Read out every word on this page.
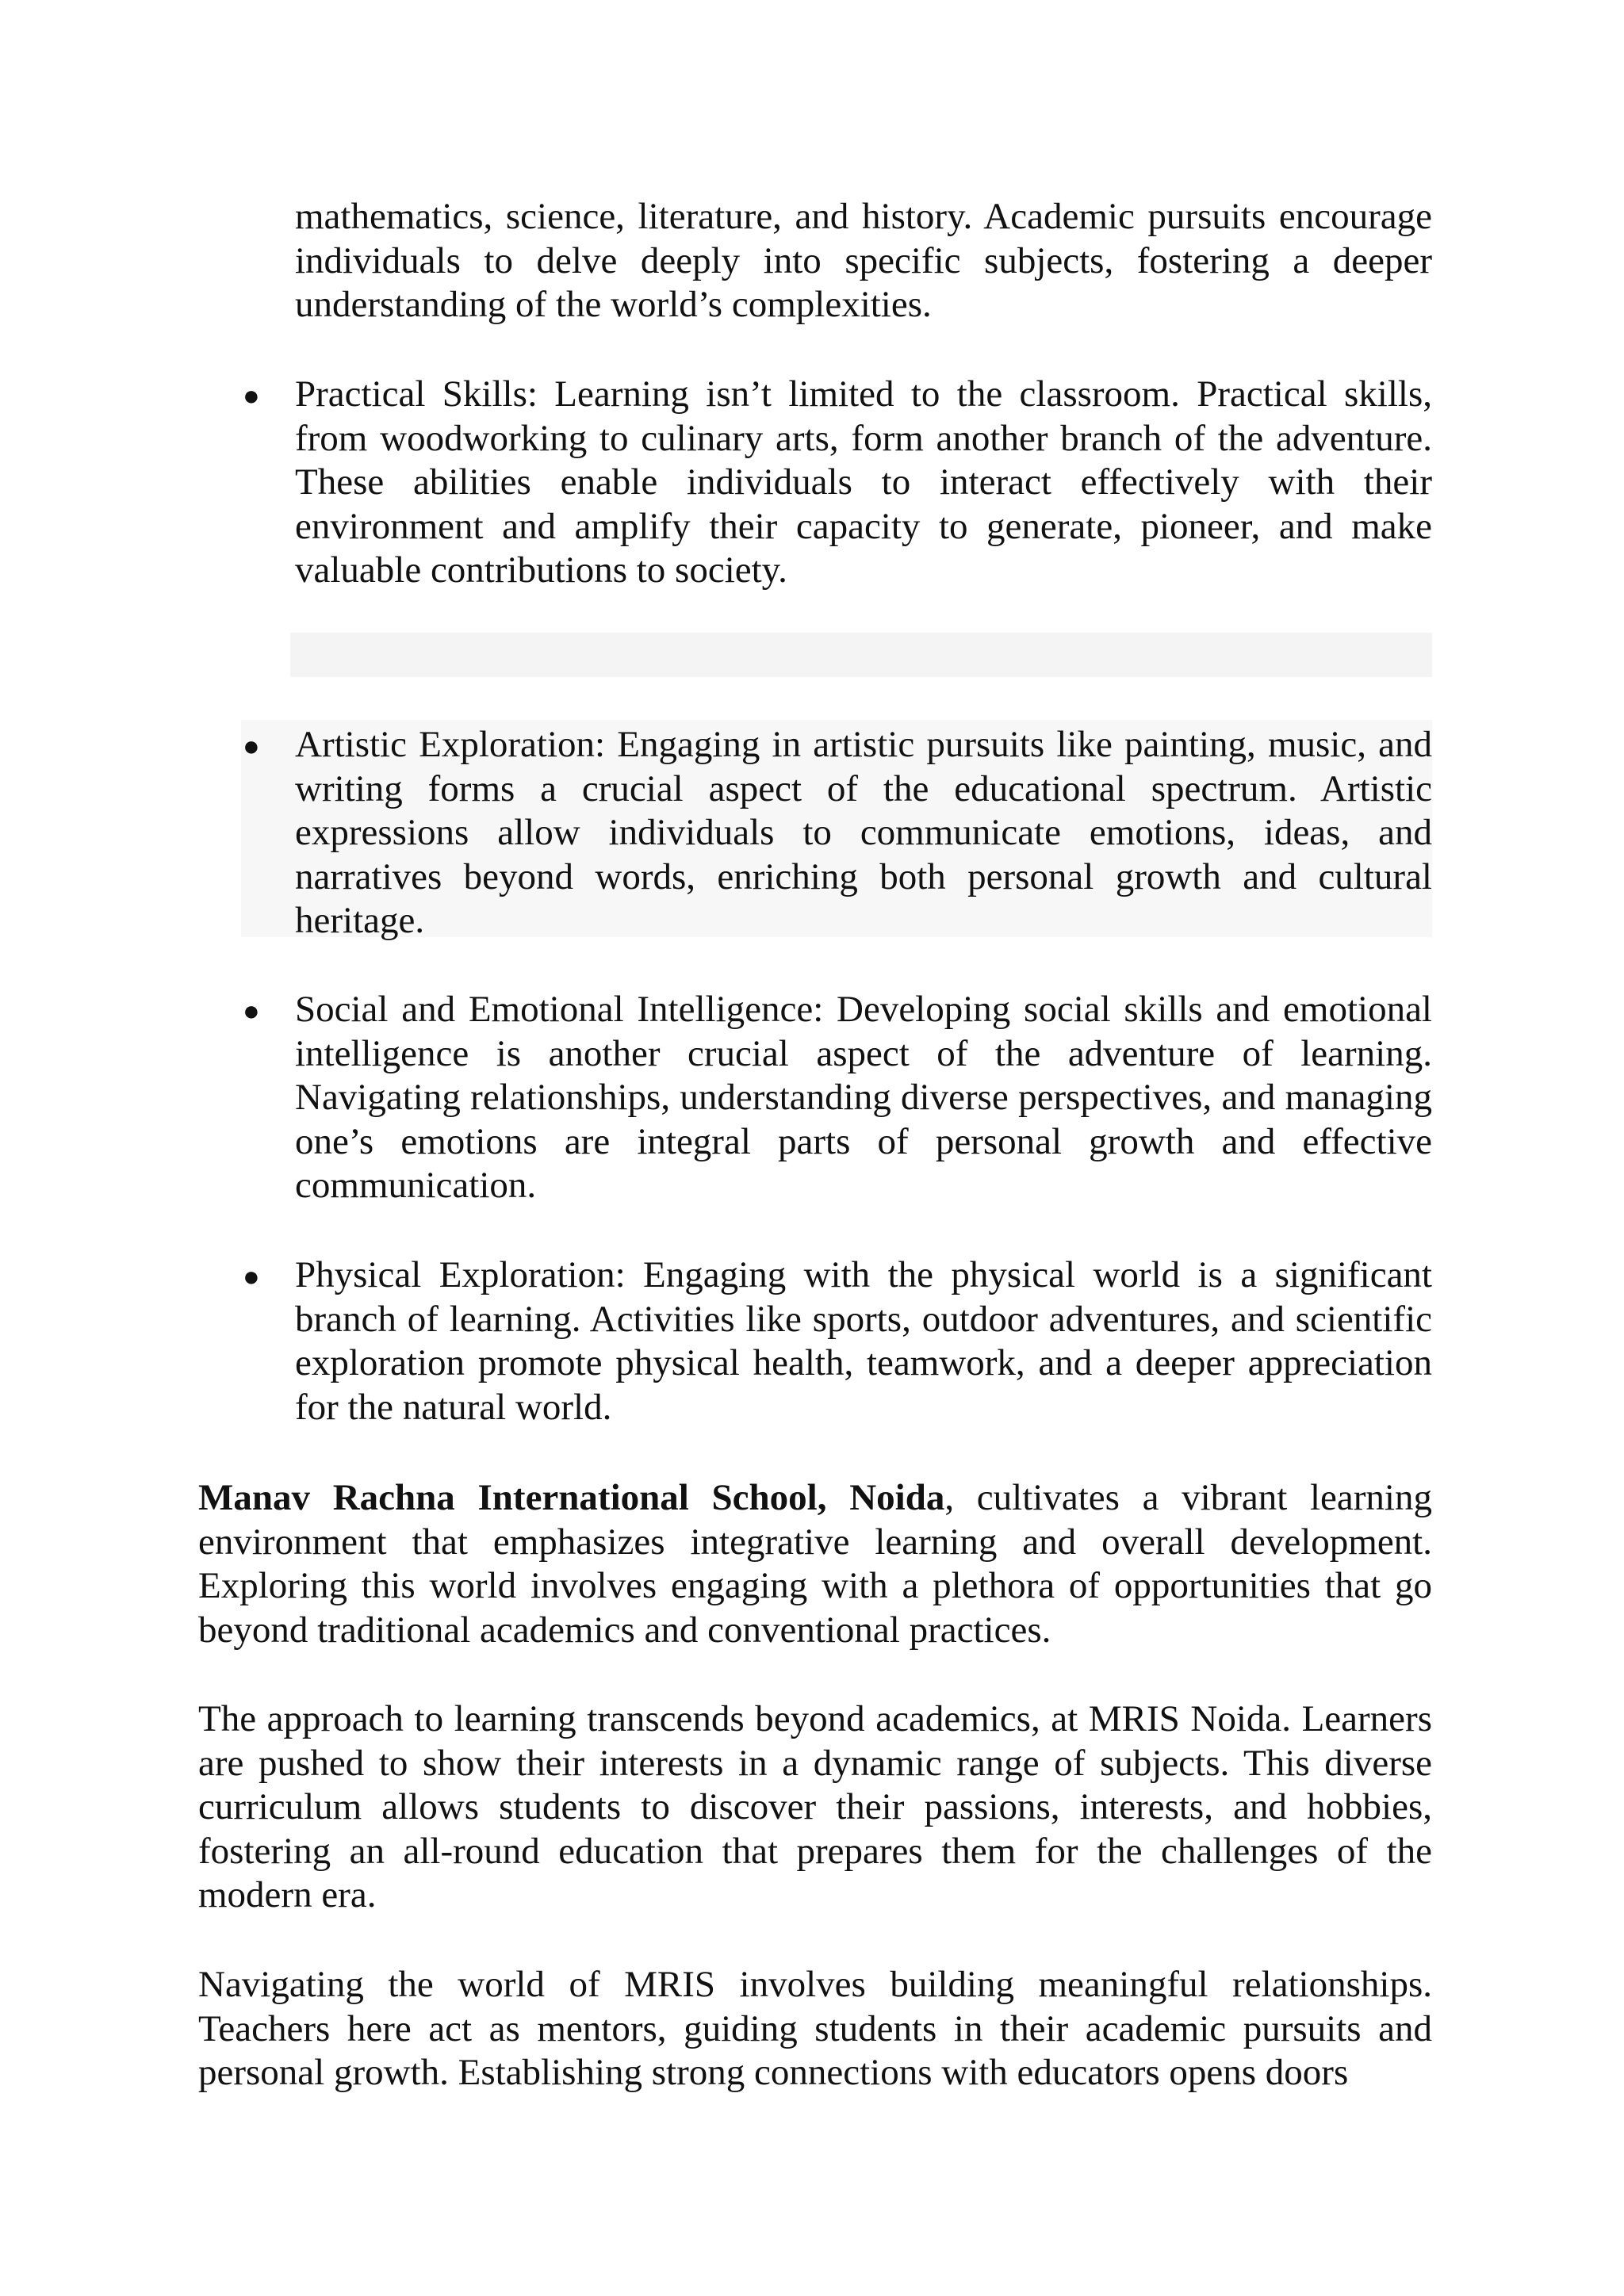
mathematics, science, literature, and history. Academic pursuits encourage individuals to delve deeply into specific subjects, fostering a deeper understanding of the world’s complexities.
● Practical Skills: Learning isn’t limited to the classroom. Practical skills, from woodworking to culinary arts, form another branch of the adventure. These abilities enable individuals to interact effectively with their environment and amplify their capacity to generate, pioneer, and make valuable contributions to society.
● Artistic Exploration: Engaging in artistic pursuits like painting, music, and writing forms a crucial aspect of the educational spectrum. Artistic expressions allow individuals to communicate emotions, ideas, and narratives beyond words, enriching both personal growth and cultural heritage.
● Social and Emotional Intelligence: Developing social skills and emotional intelligence is another crucial aspect of the adventure of learning. Navigating relationships, understanding diverse perspectives, and managing one’s emotions are integral parts of personal growth and effective communication.
● Physical Exploration: Engaging with the physical world is a significant branch of learning. Activities like sports, outdoor adventures, and scientific exploration promote physical health, teamwork, and a deeper appreciation for the natural world.
Manav Rachna International School, Noida, cultivates a vibrant learning environment that emphasizes integrative learning and overall development. Exploring this world involves engaging with a plethora of opportunities that go beyond traditional academics and conventional practices.
The approach to learning transcends beyond academics, at MRIS Noida. Learners are pushed to show their interests in a dynamic range of subjects. This diverse curriculum allows students to discover their passions, interests, and hobbies, fostering an all-round education that prepares them for the challenges of the modern era.
Navigating the world of MRIS involves building meaningful relationships. Teachers here act as mentors, guiding students in their academic pursuits and personal growth. Establishing strong connections with educators opens doors
